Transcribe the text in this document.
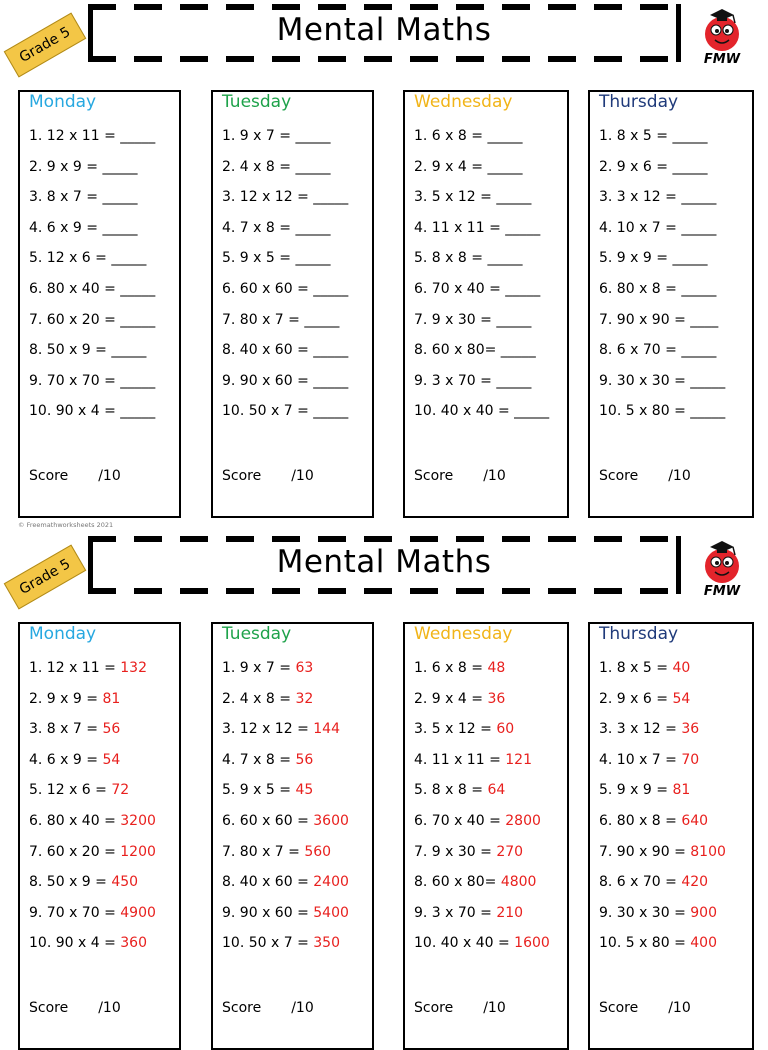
Grade 5	Mental Maths
FMW
Monday
1. 12 x 11 = _____
2. 9 x 9 = _____
3. 8 x 7 = _____
4. 6 x 9 = _____
5. 12 x 6 = _____
6. 80 x 40 = _____
7. 60 x 20 = _____
8. 50 x 9 = _____
9. 70 x 70 = _____
10. 90 x 4 = _____
Score /10
Tuesday
1. 9 x 7 = _____
2. 4 x 8 = _____
3. 12 x 12 = _____
4. 7 x 8 = _____
5. 9 x 5 = _____
6. 60 x 60 = _____
7. 80 x 7 = _____
8. 40 x 60 = _____
9. 90 x 60 = _____
10. 50 x 7 = _____
Score /10
Wednesday
1. 6 x 8 = _____
2. 9 x 4 = _____
3. 5 x 12 = _____
4. 11 x 11 = _____
5. 8 x 8 = _____
6. 70 x 40 = _____
7. 9 x 30 = _____
8. 60 x 80= _____
9. 3 x 70 = _____
10. 40 x 40 = _____
Score /10
Thursday
1. 8 x 5 = _____
2. 9 x 6 = _____
3. 3 x 12 = _____
4. 10 x 7 = _____
5. 9 x 9 = _____
6. 80 x 8 = _____
7. 90 x 90 = ____
8. 6 x 70 = _____
9. 30 x 30 = _____
10. 5 x 80 = _____
Score /10
© Freemathworksheets 2021
Grade 5	Mental Maths
FMW
Monday
1. 12 x 11 = 132
2. 9 x 9 = 81
3. 8 x 7 = 56
4. 6 x 9 = 54
5. 12 x 6 = 72
6. 80 x 40 = 3200
7. 60 x 20 = 1200
8. 50 x 9 = 450
9. 70 x 70 = 4900
10. 90 x 4 = 360
Score /10
Tuesday
1. 9 x 7 = 63
2. 4 x 8 = 32
3. 12 x 12 = 144
4. 7 x 8 = 56
5. 9 x 5 = 45
6. 60 x 60 = 3600
7. 80 x 7 = 560
8. 40 x 60 = 2400
9. 90 x 60 = 5400
10. 50 x 7 = 350
Score /10
Wednesday
1. 6 x 8 = 48
2. 9 x 4 = 36
3. 5 x 12 = 60
4. 11 x 11 = 121
5. 8 x 8 = 64
6. 70 x 40 = 2800
7. 9 x 30 = 270
8. 60 x 80= 4800
9. 3 x 70 = 210
10. 40 x 40 = 1600
Score /10
Thursday
1. 8 x 5 = 40
2. 9 x 6 = 54
3. 3 x 12 = 36
4. 10 x 7 = 70
5. 9 x 9 = 81
6. 80 x 8 = 640
7. 90 x 90 = 8100
8. 6 x 70 = 420
9. 30 x 30 = 900
10. 5 x 80 = 400
Score /10
